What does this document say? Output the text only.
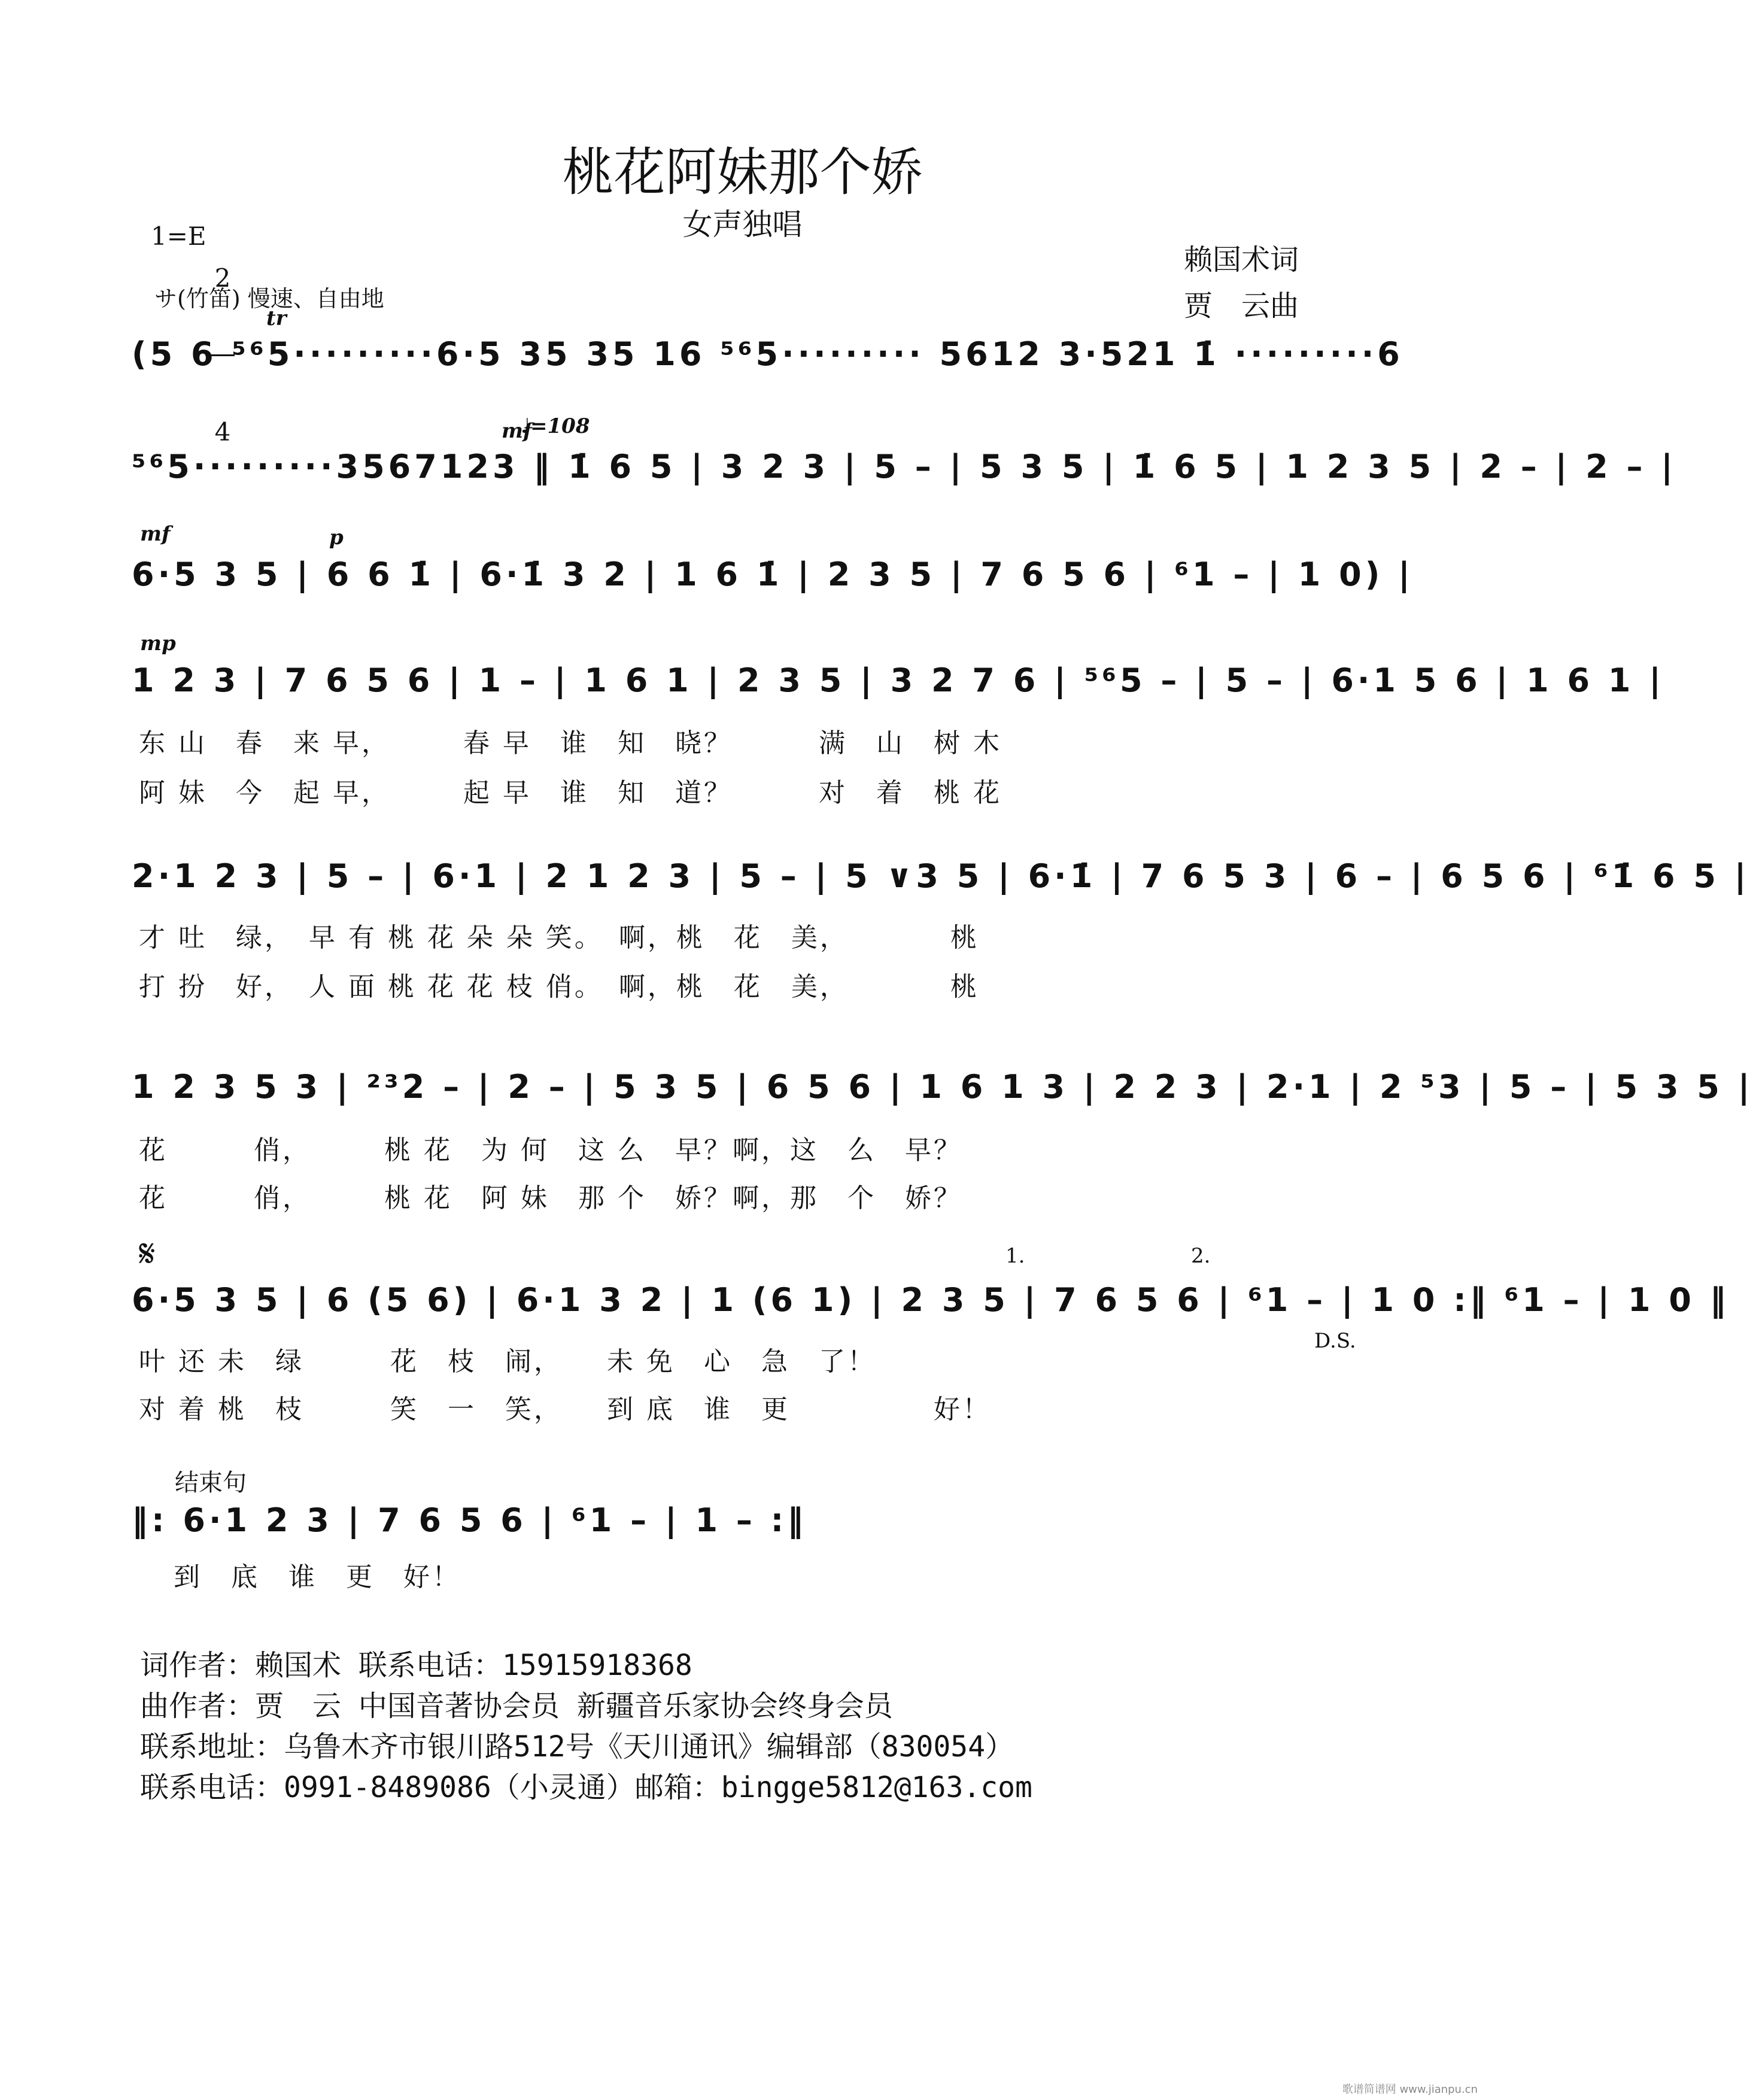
桃花阿妹那个娇
女声独唱
1=E

2

4

赖国术词
贾　云曲
サ(竹笛) 慢速、自由地
♩=108
mf
mf
mp
p
tr
𝄋
(5 6 ⁵⁶5·········6·5 35 35 16 ⁵⁶5········· 5612 3·521 1̇ ·········6
⁵⁶5·········3567123 ‖ 1̇ 6 5 | 3 2 3 | 5 – | 5 3 5 | 1̇ 6 5 | 1 2 3 5 | 2 – | 2 – |
6·5 3 5 | 6 6 1̇ | 6·1̇ 3 2 | 1 6 1̇ | 2 3 5 | 7 6 5 6 | ⁶1 – | 1 0) |
1 2 3 | 7 6 5 6 | 1 – | 1 6 1 | 2 3 5 | 3 2 7 6 | ⁵⁶5 – | 5 – | 6·1 5 6 | 1 6 1 |
东 山　春　来 早，　　　春 早　谁　知　晓？　　　满　山　树 木
阿 妹　今　起 早，　　　起 早　谁　知　道？　　　对　着　桃 花
2·1 2 3 | 5 – | 6·1 | 2 1 2 3 | 5 – | 5 ∨3 5 | 6·1̇ | 7 6 5 3 | 6 – | 6 5 6 | ⁶1̇ 6 5 |
才 吐　绿，　早 有 桃 花 朵 朵 笑。　啊，桃　花　美，　　　　桃
打 扮　好，　人 面 桃 花 花 枝 俏。　啊，桃　花　美，　　　　桃
1 2 3 5 3 | ²³2 – | 2 – | 5 3 5 | 6 5 6 | 1 6 1 3 | 2 2 3 | 2·1 | 2 ⁵3 | 5 – | 5 3 5 |
花　　　俏，　　　桃 花　为 何　这 么　早？啊，这　么　早？
花　　　俏，　　　桃 花　阿 妹　那 个　娇？啊，那　个　娇？
6·5 3 5 | 6 (5 6) | 6·1 3 2 | 1 (6 1) | 2 3 5 | 7 6 5 6 | ⁶1 – | 1 0 :‖ ⁶1 – | 1 0 ‖
1.	2.
D.S.
叶 还 未　绿　　　花　枝　闹，　　未 免　心　急　了！
对 着 桃　枝　　　笑　一　笑，　　到 底　谁　更　　　　　好！
结束句
‖: 6·1 2 3 | 7 6 5 6 | ⁶1 – | 1 – :‖
到　底　谁　更　好！
词作者：赖国术 联系电话：15915918368
曲作者：贾　云 中国音著协会员 新疆音乐家协会终身会员
联系地址：乌鲁木齐市银川路512号《天川通讯》编辑部（830054）
联系电话：0991-8489086（小灵通）邮箱：bingge5812@163.com
歌谱简谱网 www.jianpu.cn
